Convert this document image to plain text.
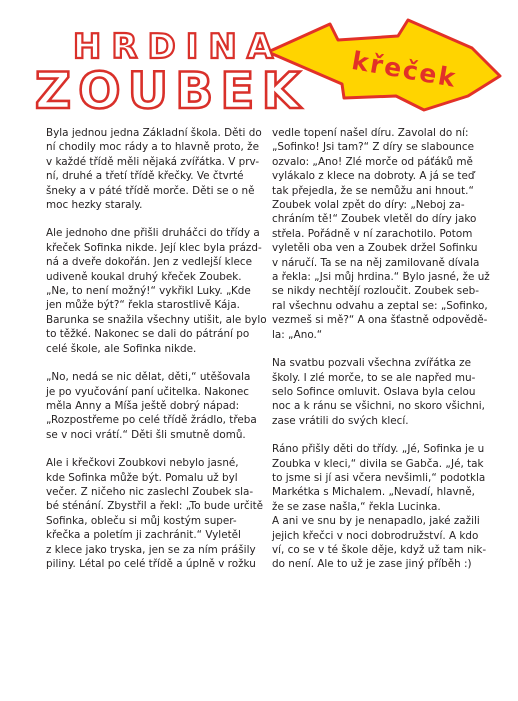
křeček
HRDINA
ZOUBEK

Byla jednou jedna Základní škola. Děti do
ní chodily moc rády a to hlavně proto, že
v každé třídě měli nějaká zvířátka. V prv-
ní, druhé a třetí třídě křečky. Ve čtvrté
šneky a v páté třídě morče. Děti se o ně
moc hezky staraly.

Ale jednoho dne přišli druháčci do třídy a
křeček Sofinka nikde. Její klec byla prázd-
ná a dveře dokořán. Jen z vedlejší klece
udiveně koukal druhý křeček Zoubek.
„Ne, to není možný!“ vykřikl Luky. „Kde
jen může být?“ řekla starostlivě Kája.
Barunka se snažila všechny utišit, ale bylo
to těžké. Nakonec se dali do pátrání po
celé škole, ale Sofinka nikde.

„No, nedá se nic dělat, děti,“ utěšovala
je po vyučování paní učitelka. Nakonec
měla Anny a Míša ještě dobrý nápad:
„Rozpostřeme po celé třídě žrádlo, třeba
se v noci vrátí.“ Děti šli smutně domů.

Ale i křečkovi Zoubkovi nebylo jasné,
kde Sofinka může být. Pomalu už byl
večer. Z ničeho nic zaslechl Zoubek sla-
bé sténání. Zbystřil a řekl: „To bude určitě
Sofinka, obleču si můj kostým super-
křečka a poletím ji zachránit.“ Vyletěl
z klece jako tryska, jen se za ním prášily
piliny. Létal po celé třídě a úplně v rožku

vedle topení našel díru. Zavolal do ní:
„Sofinko! Jsi tam?“ Z díry se slabounce
ozvalo: „Ano! Zlé morče od páťáků mě
vylákalo z klece na dobroty. A já se teď
tak přejedla, že se nemůžu ani hnout.“
Zoubek volal zpět do díry: „Neboj za-
chráním tě!“ Zoubek vletěl do díry jako
střela. Pořádně v ní zarachotilo. Potom
vyletěli oba ven a Zoubek držel Sofinku
v náručí. Ta se na něj zamilovaně dívala
a řekla: „Jsi můj hrdina.“ Bylo jasné, že už
se nikdy nechtějí rozloučit. Zoubek seb-
ral všechnu odvahu a zeptal se: „Sofinko,
vezmeš si mě?“ A ona šťastně odpovědě-
la: „Ano.“

Na svatbu pozvali všechna zvířátka ze
školy. I zlé morče, to se ale napřed mu-
selo Sofince omluvit. Oslava byla celou
noc a k ránu se všichni, no skoro všichni,
zase vrátili do svých klecí.

Ráno přišly děti do třídy. „Jé, Sofinka je u
Zoubka v kleci,“ divila se Gabča. „Jé, tak
to jsme si jí asi včera nevšimli,“ podotkla
Markétka s Michalem. „Nevadí, hlavně,
že se zase našla,“ řekla Lucinka.
A ani ve snu by je nenapadlo, jaké zažili
jejich křečci v noci dobrodružství. A kdo
ví, co se v té škole děje, když už tam nik-
do není. Ale to už je zase jiný příběh :)
